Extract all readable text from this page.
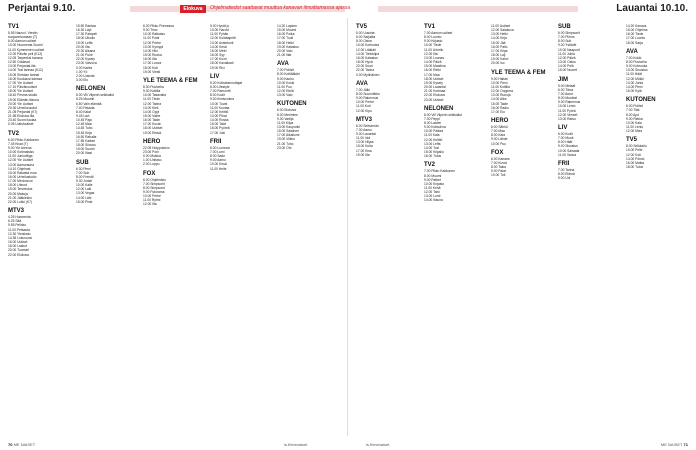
Perjantai 9.10.	Elokuva	Ohjelmatiedot saattavat muuttua kanavan ilmoittamassa ajassa	Lauantai 10.10.
TV1
5.55 Nauvo!: Viestin
suojaverkostaan (T)
6.00 Aamun uutiset
10.00 Huomenta Suomi
11.00 Kymmenen uutiset
12.00 Päivän peli (K12)
12.05 Tarpeeksi kanssa
12.50 Oddasat
13.00 Perjantai-ilta
14.00 Tosi tarinaa (K12)
15.05 Siirtolan tarinat
16.00 Kuukausi kanssa
17.00 Yle Uutiset
17.10 Päivänuutiset
18.00 Yle Uutiset
18.40 Prisma studio
19.00 Elämän ikkuna
20.00 Yle Uutiset
20.30 Urheiluruudut
21.05 Perjantai (K7)
21.55 Elokuva-ilta
23.40 Suomi laulaa
0.05 Uutisfuutiset
TV2
6.00 Pikku Kakkonen
7.45 Kisat (T)
9.00 Yle Areena
10.00 Kotimaisiss
11.00 Junioriliiga
12.00 Yle Uutiset
13.00 Aamurauha
14.10 Ohjelmat
15.00 Rakasta mua
16.00 Urheilustudio
17.00 Merirosvot
18.00 Lifeoot
19.00 Tervetuloa
20.00 Makuja
21.00 Jääkiekko
22.00 Lokki (K7)
MTV3
4.25 Huomenta
6.25 Sää
9.55 Pelinko
11.00 Petsauta
12.30 Yleiskatu
14.35 Lukuvuosi
16.00 Uutiset
18.00 Laskut
20.00 Tuomari
22.00 Elokuva
15.50 Rantaa
16.30 Läpi
17.30 Palapeli
18.00 Ulkoilu
19.00 Leffa
20.00 Ilta
20.30 Aikana
21.00 Puhe
22.00 Kysely
23.00 Valvova
0.00 Kartta
1.00 Yö
2.00 Uusinta
3.00 Elo
NELONEN
6.00 Vili Vilperin seikkailut
6.25 Muumit
6.50 Vain elämää
7.40 Palauta
8.40 Kalat
9.45 Lavi
10.45 Paja
12.45 Maa
14.45 Tuho
15.45 Kirja
16.50 Rahalla
17.55 Kaiken
18.00 Siivous
19.00 Suomi
20.00 Iltasi
SUB
6.30 Pieni
7.00 Sub
8.00 Frendit
9.30 Juristi
10.00 Kalle
12.00 Laki
13.00 Vegas
14.00 Lähi
15.00 Piste
8.30 Pikku Prinsessa
9.00 Timo
10.00 Ratkaisu
11.00 Posti
12.00 Perhe
13.00 Kymppi
14.00 Hiki
15.00 Ruoka
16.00 Ilta
17.00 Luova
18.00 Koti
19.00 Viesti
YLE TEEMA & FEM
8.30 Puutarha
9.30 Kotitila
10.00 Tasavalta
11.00 Tiede
12.00 Tarina
13.00 Kieli
14.00 Oppi
15.00 Vaihe
16.00 Taide
17.00 Kuvat
18.00 Uutiset
19.00 Etsivä
HERO
22.05 Huipputoivo
23.00 Poni
0.00 Moikka
1.00 Unitaso
2.00 Loppu
FOX
6.00 Ohjelmisto
7.00 Simpsonit
8.00 Simpsonit
9.00 Futurama
10.00 Perhe
11.00 Rytmi
12.00 Ilta
9.00 Hyvät jo
10.00 Harold
11.00 Pyhän
12.00 Kultatapetti
13.00 Avaintunti
14.00 Kesä
15.00 Metri
16.00 Syy
17.00 Kuori
18.00 Kavalkadi
19.00 Rivi
LIV
5.00 Kotirakennuttajat
6.00 Lifestyle
7.00 Remontti
8.00 Kodit
9.00 Ihmisvoima
10.00 Tuvat
11.00 Kuntaa
12.00 Keittiö
13.00 Pihat
14.00 Roska
15.00 Talot
16.00 Pyöreä
17.00 Joki
FRII
6.00 Luonnon
7.00 Lumi
8.00 Sade
9.00 Aamu
10.00 Kesä
11.00 Helle
14.20 Lapsen
15.00 Muumi
16.00 Poika
17.00 Tuuli
18.00 Hetki
19.00 Kalastus
20.00 Valo
21.00 Illat
AVA
7.00 Poliisit
8.00 Kotilääkäri
9.00 Kauhu
10.00 Kokki
11.00 Puu
12.00 Etelä
13.00 Valo
KUTONEN
6.00 Elokuva
8.00 Merimies
9.30 Vartija
11.00 Kilpa
13.00 Kaupunki
15.00 Salainen
17.00 Aikakone
19.00 Viikko
21.00 Tuho
23.00 Ohi
TV5
5.00 Uusinta
6.00 Sarjatila
8.00 Ostos
10.00 Kotiruoka
12.00 Lääkäri
14.00 Tietokilpa
16.00 Kalastus
18.00 Hyvä
20.00 Suuri
22.00 Tarina
0.00 Myöhäinen
AVA
7.00 Jälki
8.00 Suunnittelu
9.00 Rakennus
10.00 Perhe
11.00 Koti
12.00 Kipu
MTV3
6.00 Seitsemän
7.30 Aamu
9.00 Lauantai
11.00 Idol
13.00 Hiljaa
15.00 Kulta
17.00 Kisa
19.00 Ilta
TV1
7.00 Aamun uutiset
8.00 Luonto
9.00 Kirjasto
10.00 Tiede
11.00 Urheilu
12.00 Ilta
13.00 Lounas
14.00 Päivä
15.00 Maailma
16.00 Retki
17.00 Maa
18.00 Uutiset
19.00 Kysely
20.00 Lauantai
21.00 Kotimaa
22.00 Elokuva
23.00 Uutiset
NELONEN
6.00 Vili Vilperin seikkailut
7.00 Peppi
8.00 Lasten
9.00 Kotisohva
10.00 Paikka
11.00 Kala
12.00 Keittiö
13.00 Leffa
14.00 Tosi
15.00 Kilpailu
16.00 Tulos
TV2
7.00 Pikku Kakkonen
8.00 Muumi
9.00 Retket
10.00 Kirjasto
11.00 Kesä
12.00 Talvi
13.00 Lumi
14.00 Ikkuna
11.00 Uutiset
12.00 Salakuva
13.00 Hetki
14.00 Kirja
15.00 Jää
16.00 Pallo
17.00 Kilpa
18.00 Laji
19.00 Kahvi
20.00 Iso
YLE TEEMA & FEM
9.00 Haitari
10.00 Pieni
11.00 Kotitila
12.00 Ooppera
13.00 Runoja
14.00 Aika
15.00 Taide
16.00 Radio
17.00 Elo
HERO
6.00 Sähkö
7.00 Maa
8.00 Kala
9.00 Lähde
10.00 Puu
FOX
6.00 Kanava
7.00 Kuvat
8.00 Taika
9.00 Palat
10.00 Tuli
SUB
6.00 Simpsonit
7.00 Piirros
8.00 Sub
9.00 Ystävät
10.00 Naapurit
11.00 Juhla
12.00 Päivä
13.00 Ostos
14.00 Pelit
15.00 Nuoret
JIM
5.00 Metsät
6.00 Tiima
7.00 Autot
8.00 Moottori
9.00 Rakennus
10.00 Lento
11.00 Pyörä
12.00 Veneet
13.00 Ratsu
LIV
6.00 Kodit
7.00 Muoti
8.00 Häät
9.00 Sisustus
10.00 Sairaala
11.00 Vauva
FRII
7.00 Tarina
8.00 Elämä
9.00 Uni
14.20 Kanava
15.00 Ohjelma
16.00 Tiede
17.00 Luonto
18.00 Sarja
AVA
7.00 Kokki
8.00 Puutarha
9.00 Kotiruoka
10.00 Sisustus
11.00 Häät
12.00 Mökki
13.00 Juhla
14.00 Pieni
15.00 Kylä
KUTONEN
6.00 Poliisit
7.00 Tilat
8.00 Ajot
9.00 Rekka
10.00 Kala
11.00 Lento
12.00 Mies
TV5
8.00 Seikkailu
10.00 Pelle
12.00 Koti
14.00 Pörssi
16.00 Matka
18.00 Tulos
70 ME NAISET	is.fi/menaiset	is.fi/menaiset	ME NAISET 71
